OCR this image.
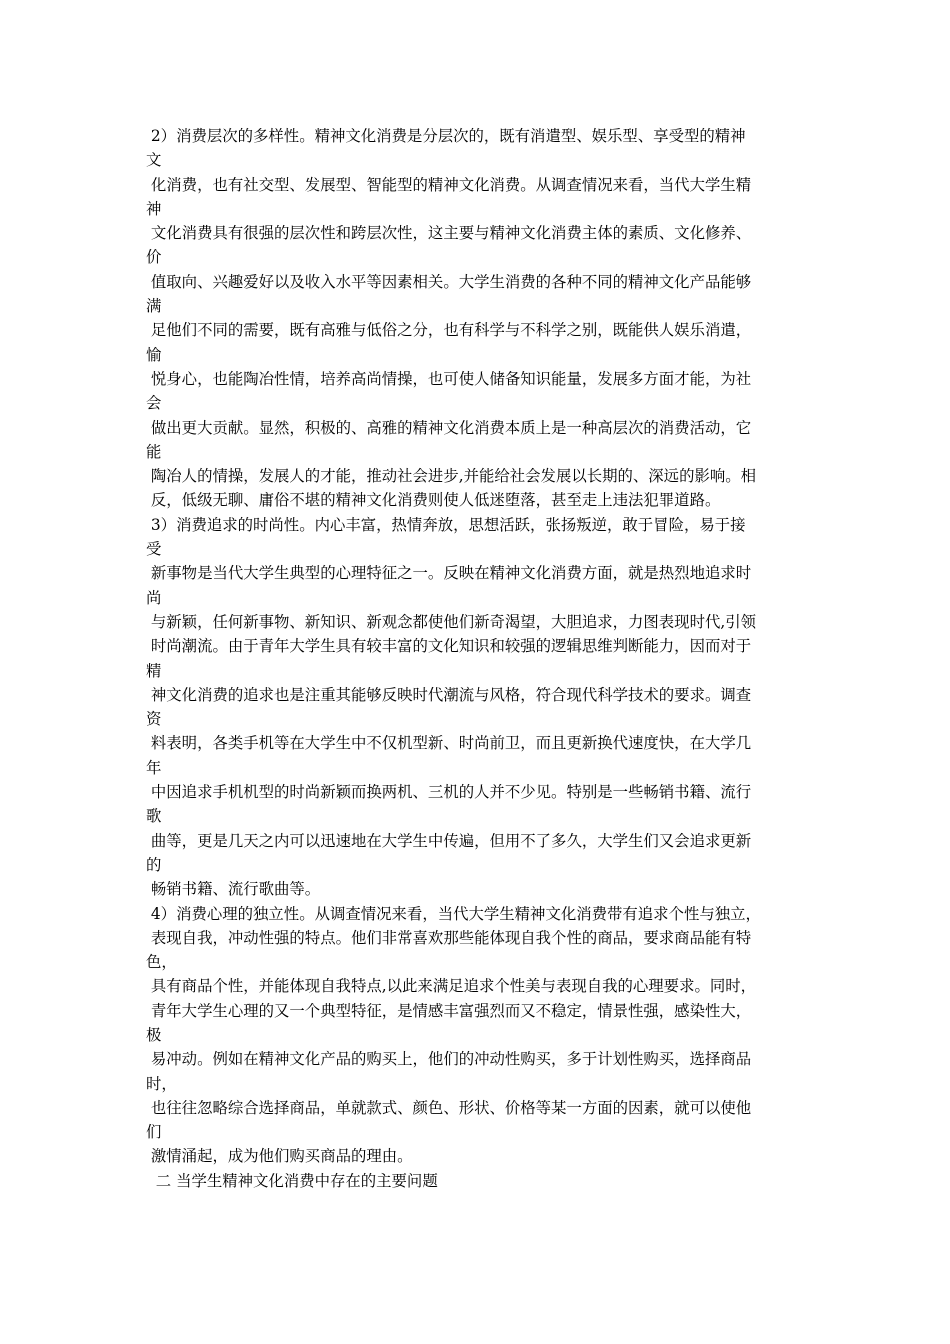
2）消费层次的多样性。精神文化消费是分层次的，既有消遣型、娱乐型、享受型的精神
文
化消费，也有社交型、发展型、智能型的精神文化消费。从调查情况来看，当代大学生精
神
文化消费具有很强的层次性和跨层次性，这主要与精神文化消费主体的素质、文化修养、
价
值取向、兴趣爱好以及收入水平等因素相关。大学生消费的各种不同的精神文化产品能够
满
足他们不同的需要，既有高雅与低俗之分，也有科学与不科学之别，既能供人娱乐消遣，
愉
悦身心，也能陶冶性情，培养高尚情操，也可使人储备知识能量，发展多方面才能，为社
会
做出更大贡献。显然，积极的、高雅的精神文化消费本质上是一种高层次的消费活动，它
能
陶冶人的情操，发展人的才能，推动社会进步,并能给社会发展以长期的、深远的影响。相
反，低级无聊、庸俗不堪的精神文化消费则使人低迷堕落，甚至走上违法犯罪道路。
3）消费追求的时尚性。内心丰富，热情奔放，思想活跃，张扬叛逆，敢于冒险，易于接
受
新事物是当代大学生典型的心理特征之一。反映在精神文化消费方面，就是热烈地追求时
尚
与新颖，任何新事物、新知识、新观念都使他们新奇渴望，大胆追求，力图表现时代,引领
时尚潮流。由于青年大学生具有较丰富的文化知识和较强的逻辑思维判断能力，因而对于
精
神文化消费的追求也是注重其能够反映时代潮流与风格，符合现代科学技术的要求。调查
资
料表明，各类手机等在大学生中不仅机型新、时尚前卫，而且更新换代速度快，在大学几
年
中因追求手机机型的时尚新颖而换两机、三机的人并不少见。特别是一些畅销书籍、流行
歌
曲等，更是几天之内可以迅速地在大学生中传遍，但用不了多久，大学生们又会追求更新
的
畅销书籍、流行歌曲等。
4）消费心理的独立性。从调查情况来看，当代大学生精神文化消费带有追求个性与独立，
表现自我，冲动性强的特点。他们非常喜欢那些能体现自我个性的商品，要求商品能有特
色，
具有商品个性，并能体现自我特点,以此来满足追求个性美与表现自我的心理要求。同时，
青年大学生心理的又一个典型特征，是情感丰富强烈而又不稳定，情景性强，感染性大，
极
易冲动。例如在精神文化产品的购买上，他们的冲动性购买，多于计划性购买，选择商品
时，
也往往忽略综合选择商品，单就款式、颜色、形状、价格等某一方面的因素，就可以使他
们
激情涌起，成为他们购买商品的理由。
二 当学生精神文化消费中存在的主要问题
